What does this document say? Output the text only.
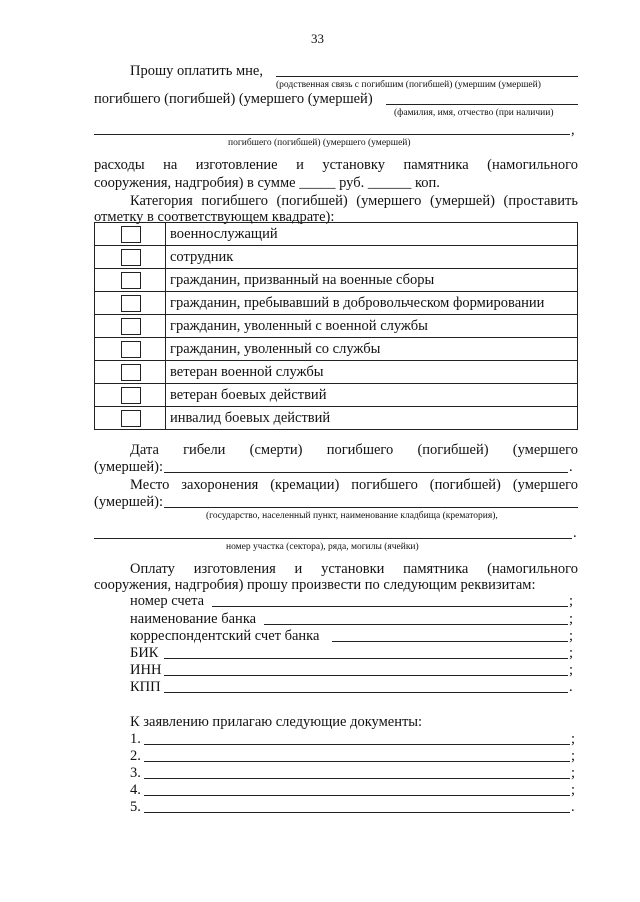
33
Прошу оплатить мне,
(родственная связь с погибшим (погибшей) (умершим (умершей)
погибшего (погибшей) (умершего (умершей)
(фамилия, имя, отчество (при наличии)
,
погибшего (погибшей) (умершего (умершей)
расходы на изготовление и установку памятника (намогильного
сооружения, надгробия) в сумме _____ руб. ______ коп.
Категория погибшего (погибшей) (умершего (умершей) (проставить
отметку в соответствующем квадрате):
	военнослужащий

	сотрудник

	гражданин, призванный на военные сборы

	гражданин, пребывавший в добровольческом формировании

	гражданин, уволенный с военной службы

	гражданин, уволенный со службы

	ветеран военной службы

	ветеран боевых действий

	инвалид боевых действий
Дата гибели (смерти) погибшего (погибшей) (умершего
(умершей):	.
Место захоронения (кремации) погибшего (погибшей) (умершего
(умершей):
(государство, населенный пункт, наименование кладбища (крематория),
.
номер участка (сектора), ряда, могилы (ячейки)
Оплату изготовления и установки памятника (намогильного
сооружения, надгробия) прошу произвести по следующим реквизитам:
номер счета	;
наименование банка	;
корреспондентский счет банка	;
БИК	;
ИНН	;
КПП	.
К заявлению прилагаю следующие документы:
1.	;
2.	;
3.	;
4.	;
5.	.
